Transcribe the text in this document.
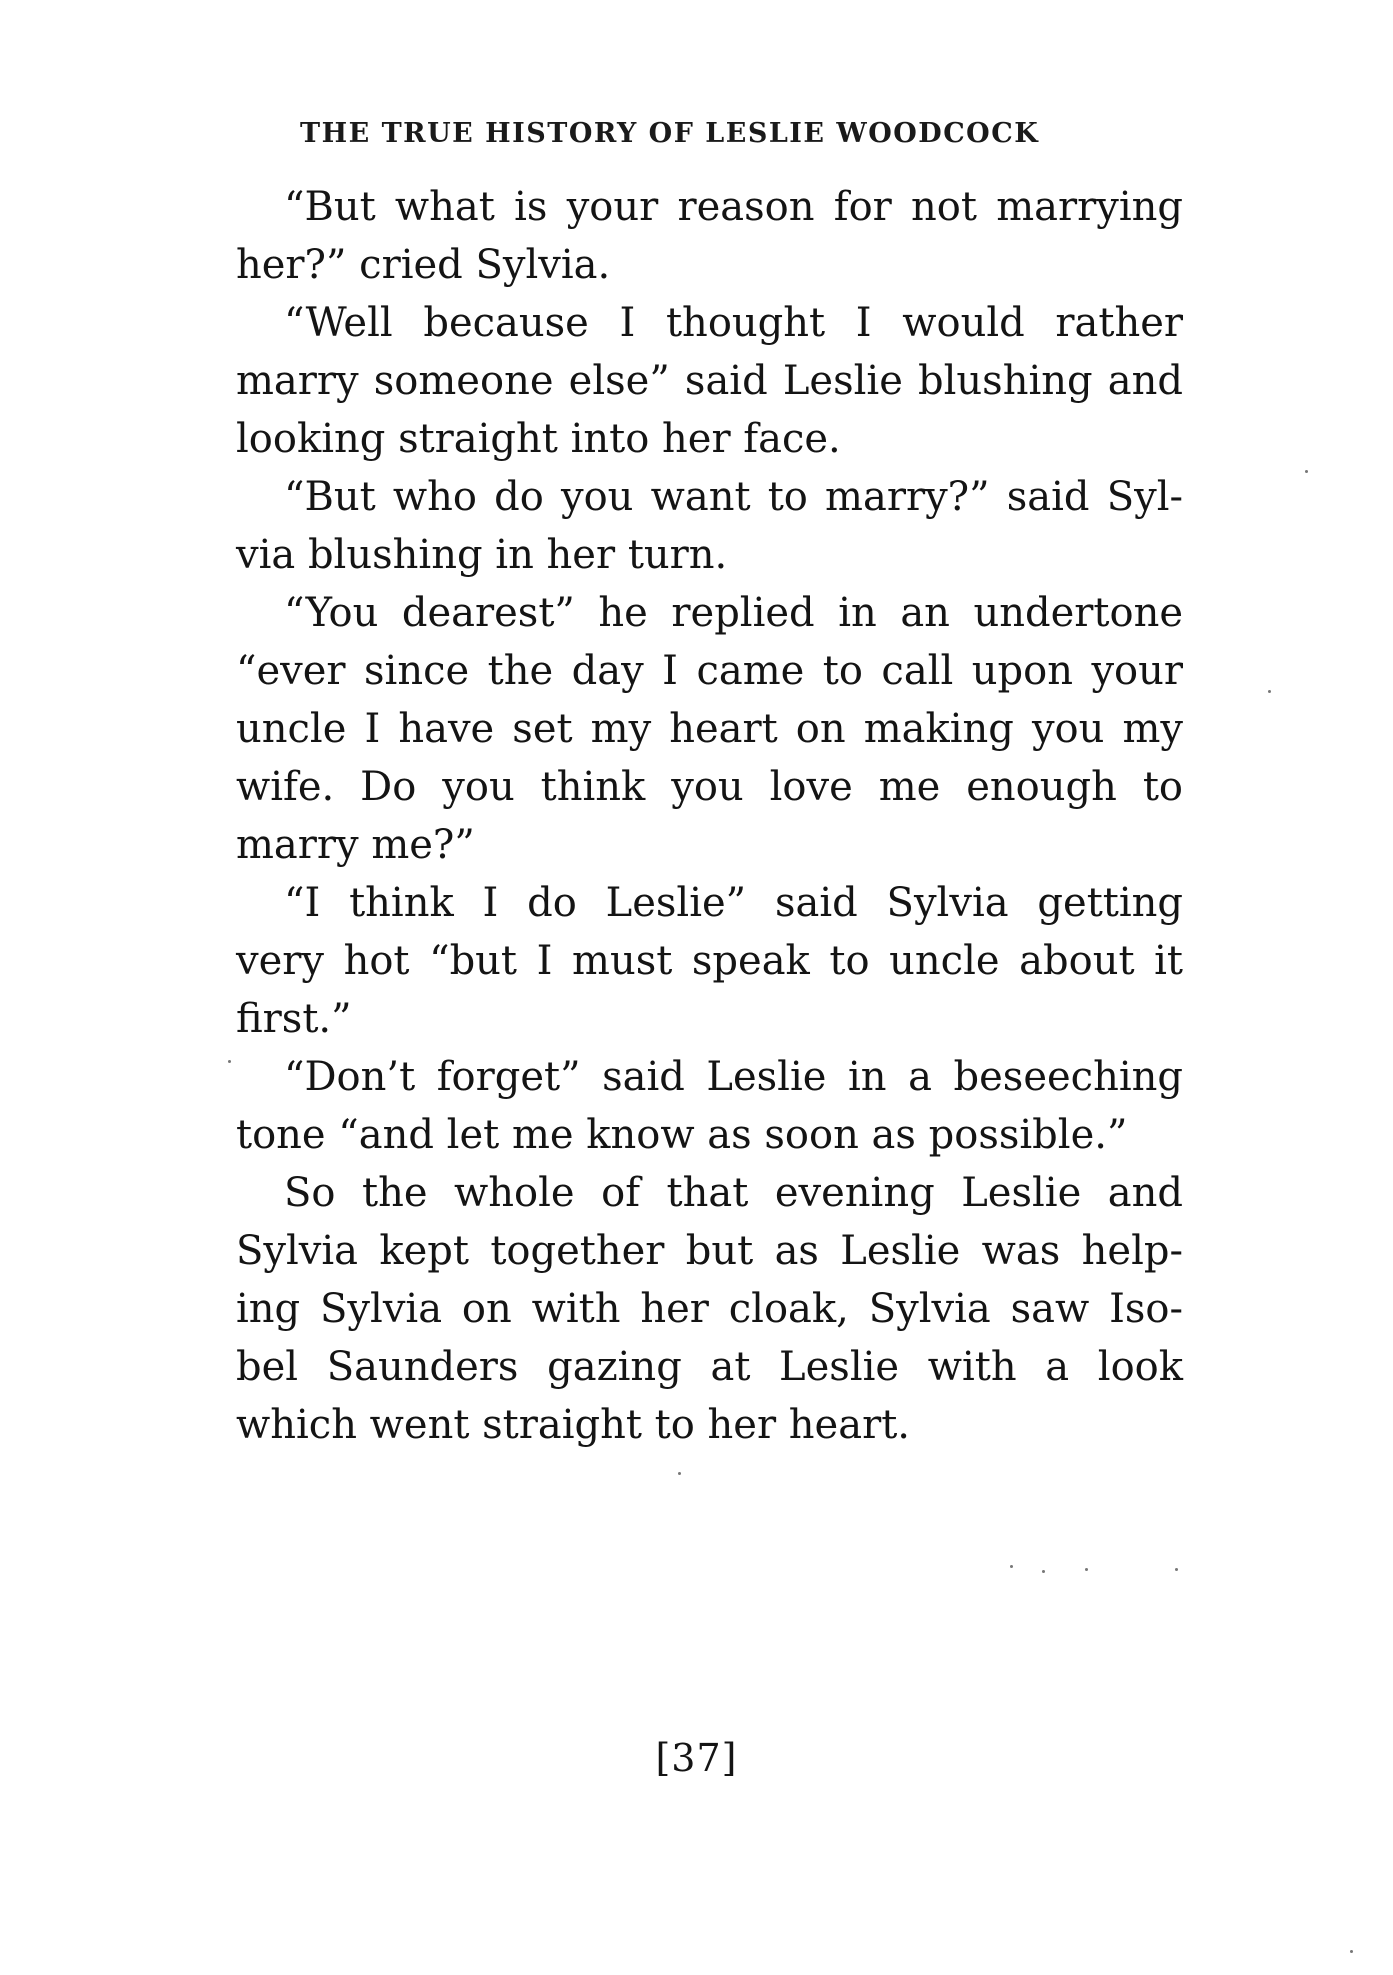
THE TRUE HISTORY OF LESLIE WOODCOCK
“But what is your reason for not marrying
her?” cried Sylvia.
“Well because I thought I would rather
marry someone else” said Leslie blushing and
looking straight into her face.
“But who do you want to marry?” said Syl-
via blushing in her turn.
“You dearest” he replied in an undertone
“ever since the day I came to call upon your
uncle I have set my heart on making you my
wife. Do you think you love me enough to
marry me?”
“I think I do Leslie” said Sylvia getting
very hot “but I must speak to uncle about it
first.”
“Don’t forget” said Leslie in a beseeching
tone “and let me know as soon as possible.”
So the whole of that evening Leslie and
Sylvia kept together but as Leslie was help-
ing Sylvia on with her cloak, Sylvia saw Iso-
bel Saunders gazing at Leslie with a look
which went straight to her heart.
[37]
